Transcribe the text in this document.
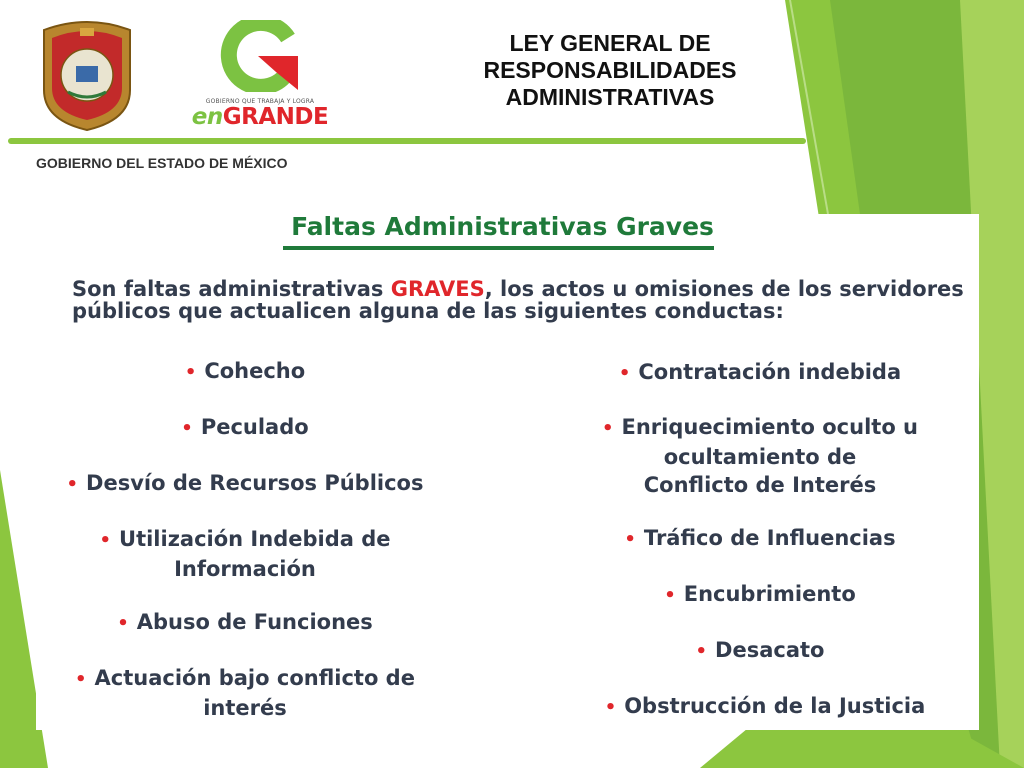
GOBIERNO QUE TRABAJA Y LOGRA
enGRANDE
LEY GENERAL DE
RESPONSABILIDADES
ADMINISTRATIVAS
GOBIERNO DEL ESTADO DE MÉXICO
Faltas Administrativas Graves
Son faltas administrativas GRAVES, los actos u omisiones de los servidores públicos que actualicen alguna de las siguientes conductas:
• Cohecho
• Peculado
• Desvío de Recursos Públicos
• Utilización Indebida de
Información
• Abuso de Funciones
• Actuación bajo conflicto de
interés
• Contratación indebida
• Enriquecimiento oculto u
ocultamiento de
Conflicto de Interés
• Tráfico de Influencias
• Encubrimiento
• Desacato
• Obstrucción de la Justicia
